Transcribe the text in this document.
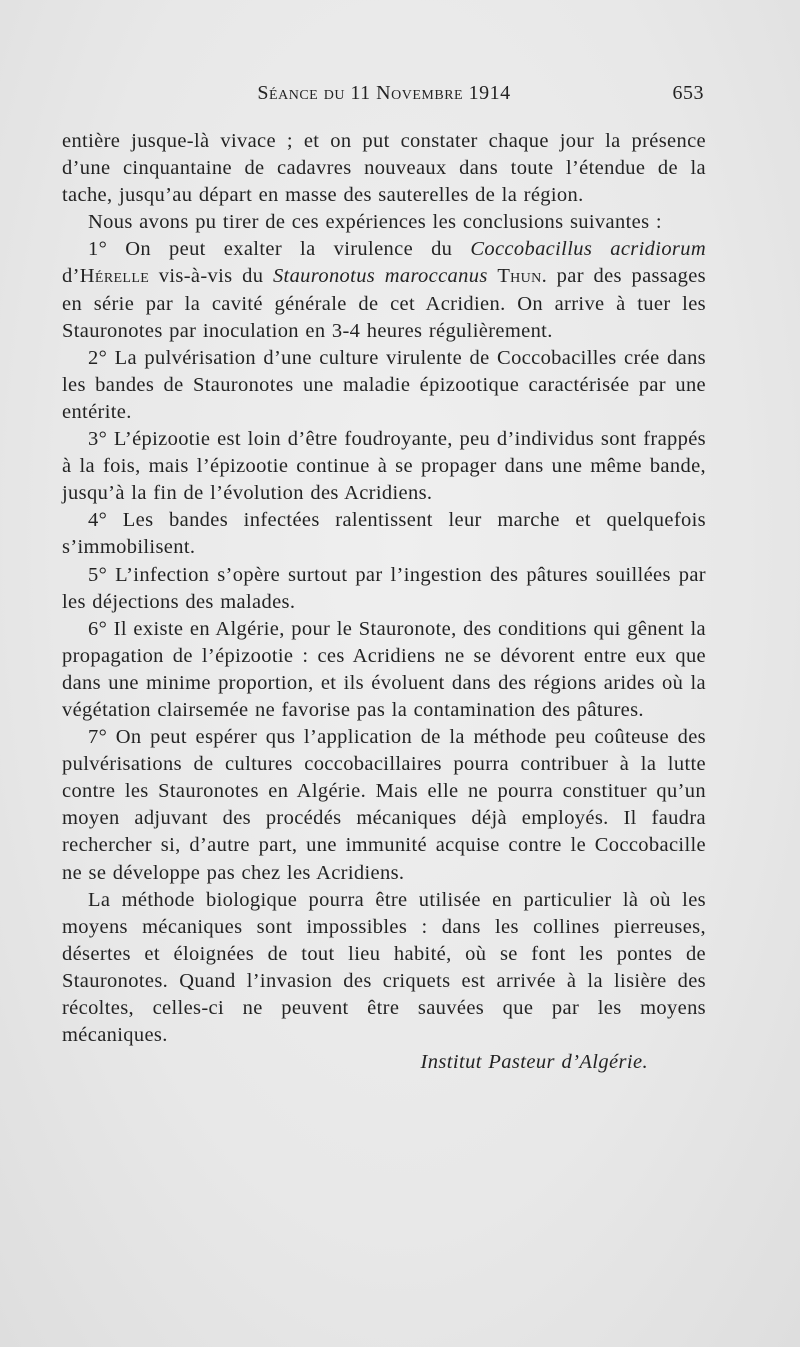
Séance du 11 Novembre 1914	653

entière jusque-là vivace ; et on put constater chaque jour la présence d’une cinquantaine de cadavres nouveaux dans toute l’étendue de la tache, jusqu’au départ en masse des sauterelles de la région.

Nous avons pu tirer de ces expériences les conclusions suivantes :

1° On peut exalter la virulence du Coccobacillus acridiorum d’Hérelle vis-à-vis du Stauronotus maroccanus Thun. par des passages en série par la cavité générale de cet Acridien. On arrive à tuer les Stauronotes par inoculation en 3-4 heures régulièrement.

2° La pulvérisation d’une culture virulente de Coccobacilles crée dans les bandes de Stauronotes une maladie épizootique caractérisée par une entérite.

3° L’épizootie est loin d’être foudroyante, peu d’individus sont frappés à la fois, mais l’épizootie continue à se propager dans une même bande, jusqu’à la fin de l’évolution des Acridiens.

4° Les bandes infectées ralentissent leur marche et quelquefois s’immobilisent.

5° L’infection s’opère surtout par l’ingestion des pâtures souillées par les déjections des malades.

6° Il existe en Algérie, pour le Stauronote, des conditions qui gênent la propagation de l’épizootie : ces Acridiens ne se dévorent entre eux que dans une minime proportion, et ils évoluent dans des régions arides où la végétation clairsemée ne favorise pas la contamination des pâtures.

7° On peut espérer qus l’application de la méthode peu coûteuse des pulvérisations de cultures coccobacillaires pourra contribuer à la lutte contre les Stauronotes en Algérie. Mais elle ne pourra constituer qu’un moyen adjuvant des procédés mécaniques déjà employés. Il faudra rechercher si, d’autre part, une immunité acquise contre le Coccobacille ne se développe pas chez les Acridiens.

La méthode biologique pourra être utilisée en particulier là où les moyens mécaniques sont impossibles : dans les collines pierreuses, désertes et éloignées de tout lieu habité, où se font les pontes de Stauronotes. Quand l’invasion des criquets est arrivée à la lisière des récoltes, celles-ci ne peuvent être sauvées que par les moyens mécaniques.

Institut Pasteur d’Algérie.
